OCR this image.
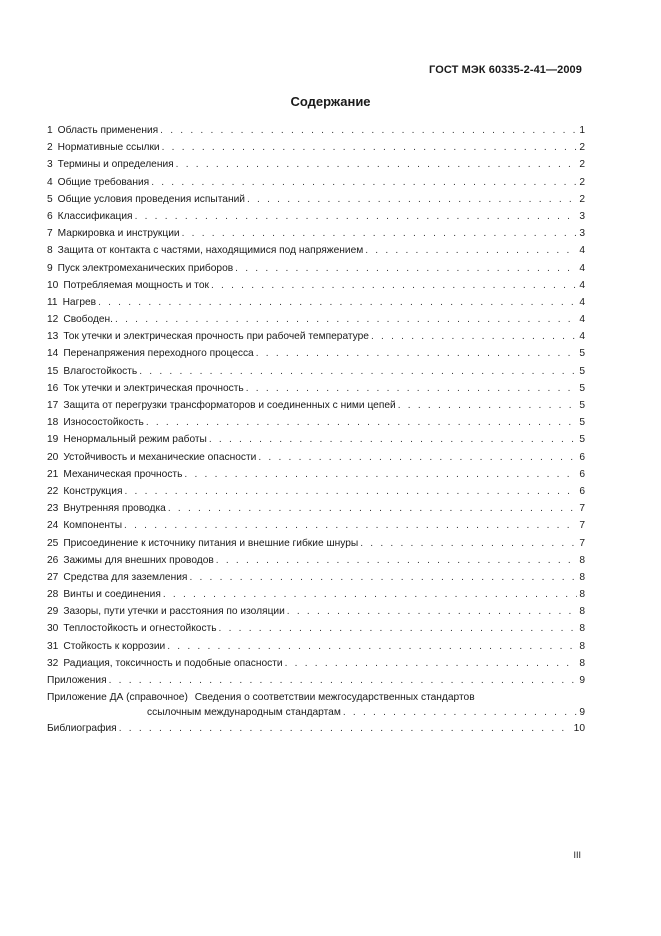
ГОСТ МЭК 60335-2-41—2009
Содержание
1 Область применения . . .	1
2 Нормативные ссылки . . .	2
3 Термины и определения . . .	2
4 Общие требования . . .	2
5 Общие условия проведения испытаний . . .	2
6 Классификация . . .	3
7 Маркировка и инструкции . . .	3
8 Защита от контакта с частями, находящимися под напряжением . . .	4
9 Пуск электромеханических приборов . . .	4
10 Потребляемая мощность и ток . . .	4
11 Нагрев . . .	4
12 Свободен. . . .	4
13 Ток утечки и электрическая прочность при рабочей температуре . . .	4
14 Перенапряжения переходного процесса . . .	5
15 Влагостойкость . . .	5
16 Ток утечки и электрическая прочность . . .	5
17 Защита от перегрузки трансформаторов и соединенных с ними цепей . . .	5
18 Износостойкость . . .	5
19 Ненормальный режим работы . . .	5
20 Устойчивость и механические опасности . . .	6
21 Механическая прочность . . .	6
22 Конструкция . . .	6
23 Внутренняя проводка . . .	7
24 Компоненты . . .	7
25 Присоединение к источнику питания и внешние гибкие шнуры . . .	7
26 Зажимы для внешних проводов . . .	8
27 Средства для заземления . . .	8
28 Винты и соединения . . .	8
29 Зазоры, пути утечки и расстояния по изоляции . . .	8
30 Теплостойкость и огнестойкость . . .	8
31 Стойкость к коррозии . . .	8
32 Радиация, токсичность и подобные опасности . . .	8
Приложения . . .	9
Приложение ДА (справочное) Сведения о соответствии межгосударственных стандартов
ссылочным международным стандартам . . .	9
Библиография . . .	10
III
